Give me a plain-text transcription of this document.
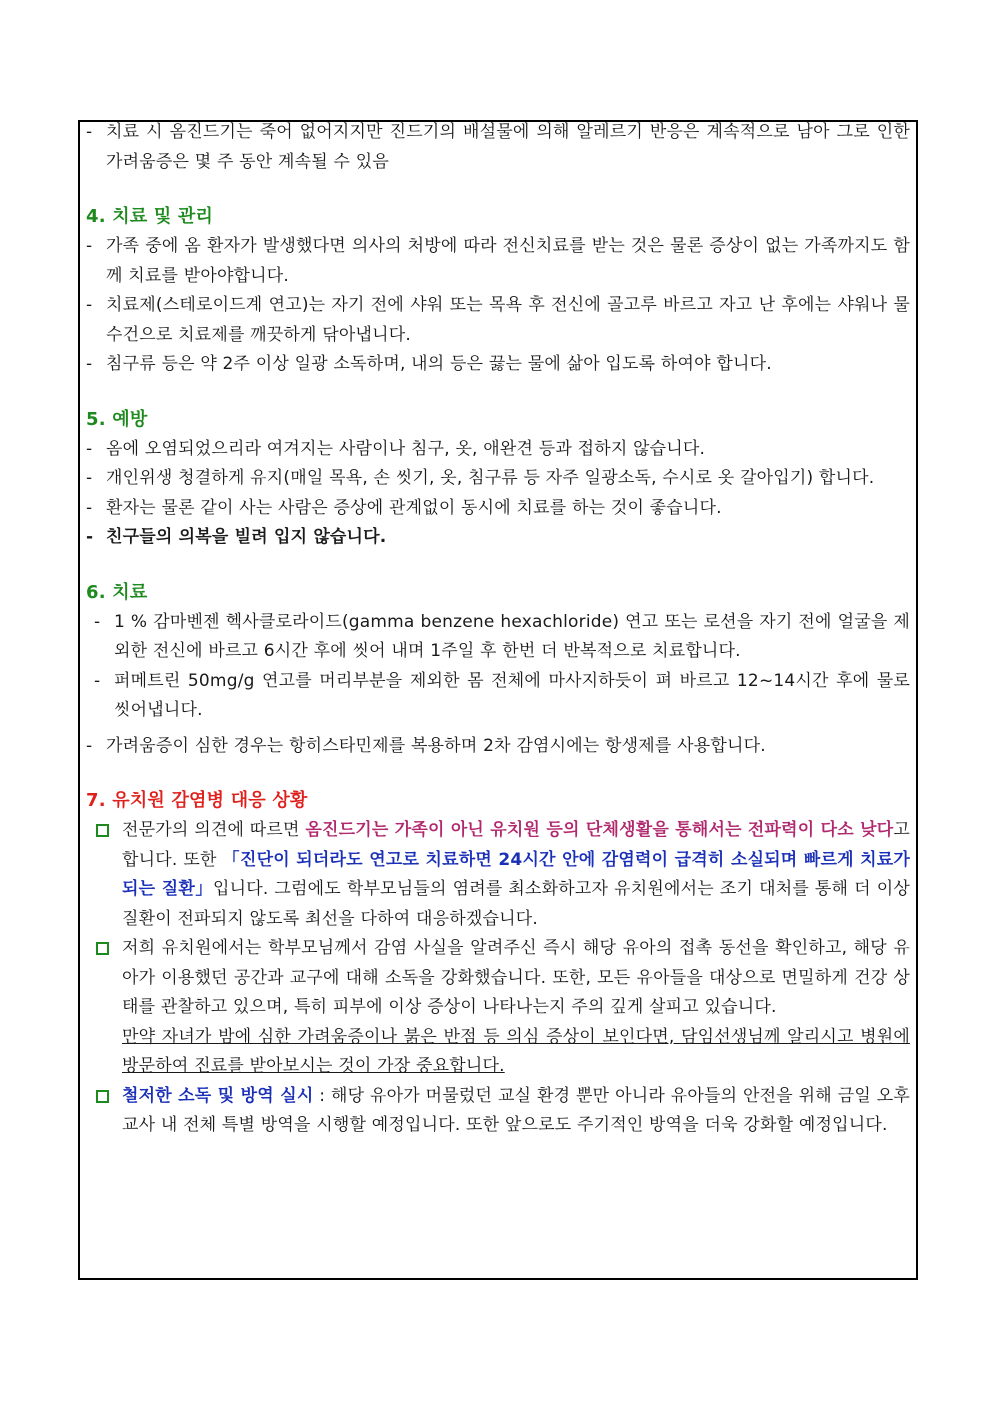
- 치료 시 옴진드기는 죽어 없어지지만 진드기의 배설물에 의해 알레르기 반응은 계속적으로 남아 그로 인한 가려움증은 몇 주 동안 계속될 수 있음
4. 치료 및 관리
- 가족 중에 옴 환자가 발생했다면 의사의 처방에 따라 전신치료를 받는 것은 물론 증상이 없는 가족까지도 함께 치료를 받아야합니다.
- 치료제(스테로이드계 연고)는 자기 전에 샤워 또는 목욕 후 전신에 골고루 바르고 자고 난 후에는 샤워나 물수건으로 치료제를 깨끗하게 닦아냅니다.
- 침구류 등은 약 2주 이상 일광 소독하며, 내의 등은 끓는 물에 삶아 입도록 하여야 합니다.
5. 예방
- 옴에 오염되었으리라 여겨지는 사람이나 침구, 옷, 애완견 등과 접하지 않습니다.
- 개인위생 청결하게 유지(매일 목욕, 손 씻기, 옷, 침구류 등 자주 일광소독, 수시로 옷 갈아입기) 합니다.
- 환자는 물론 같이 사는 사람은 증상에 관계없이 동시에 치료를 하는 것이 좋습니다.
- 친구들의 의복을 빌려 입지 않습니다.
6. 치료
- 1 % 감마벤젠 헥사클로라이드(gamma benzene hexachloride) 연고 또는 로션을 자기 전에 얼굴을 제외한 전신에 바르고 6시간 후에 씻어 내며 1주일 후 한번 더 반복적으로 치료합니다.
- 퍼메트린 50mg/g 연고를 머리부분을 제외한 몸 전체에 마사지하듯이 펴 바르고 12~14시간 후에 물로 씻어냅니다.
- 가려움증이 심한 경우는 항히스타민제를 복용하며 2차 감염시에는 항생제를 사용합니다.
7. 유치원 감염병 대응 상황
전문가의 의견에 따르면 옴진드기는 가족이 아닌 유치원 등의 단체생활을 통해서는 전파력이 다소 낮다고 합니다. 또한 「진단이 되더라도 연고로 치료하면 24시간 안에 감염력이 급격히 소실되며 빠르게 치료가 되는 질환」입니다. 그럼에도 학부모님들의 염려를 최소화하고자 유치원에서는 조기 대처를 통해 더 이상 질환이 전파되지 않도록 최선을 다하여 대응하겠습니다.
저희 유치원에서는 학부모님께서 감염 사실을 알려주신 즉시 해당 유아의 접촉 동선을 확인하고, 해당 유아가 이용했던 공간과 교구에 대해 소독을 강화했습니다. 또한, 모든 유아들을 대상으로 면밀하게 건강 상태를 관찰하고 있으며, 특히 피부에 이상 증상이 나타나는지 주의 깊게 살피고 있습니다.
만약 자녀가 밤에 심한 가려움증이나 붉은 반점 등 의심 증상이 보인다면, 담임선생님께 알리시고 병원에 방문하여 진료를 받아보시는 것이 가장 중요합니다.
철저한 소독 및 방역 실시 : 해당 유아가 머물렀던 교실 환경 뿐만 아니라 유아들의 안전을 위해 금일 오후 교사 내 전체 특별 방역을 시행할 예정입니다. 또한 앞으로도 주기적인 방역을 더욱 강화할 예정입니다.
